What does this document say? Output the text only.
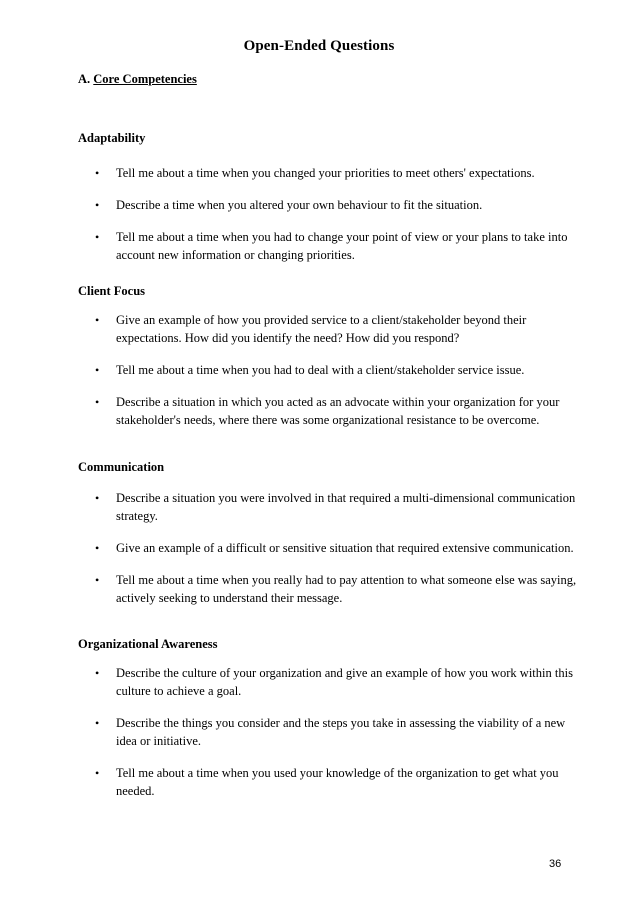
Open-Ended Questions
A. Core Competencies
Adaptability
• Tell me about a time when you changed your priorities to meet others' expectations.
• Describe a time when you altered your own behaviour to fit the situation.
• Tell me about a time when you had to change your point of view or your plans to take into account new information or changing priorities.
Client Focus
• Give an example of how you provided service to a client/stakeholder beyond their expectations. How did you identify the need? How did you respond?
• Tell me about a time when you had to deal with a client/stakeholder service issue.
• Describe a situation in which you acted as an advocate within your organization for your stakeholder's needs, where there was some organizational resistance to be overcome.
Communication
• Describe a situation you were involved in that required a multi-dimensional communication strategy.
• Give an example of a difficult or sensitive situation that required extensive communication.
• Tell me about a time when you really had to pay attention to what someone else was saying, actively seeking to understand their message.
Organizational Awareness
• Describe the culture of your organization and give an example of how you work within this culture to achieve a goal.
• Describe the things you consider and the steps you take in assessing the viability of a new idea or initiative.
• Tell me about a time when you used your knowledge of the organization to get what you needed.
36
